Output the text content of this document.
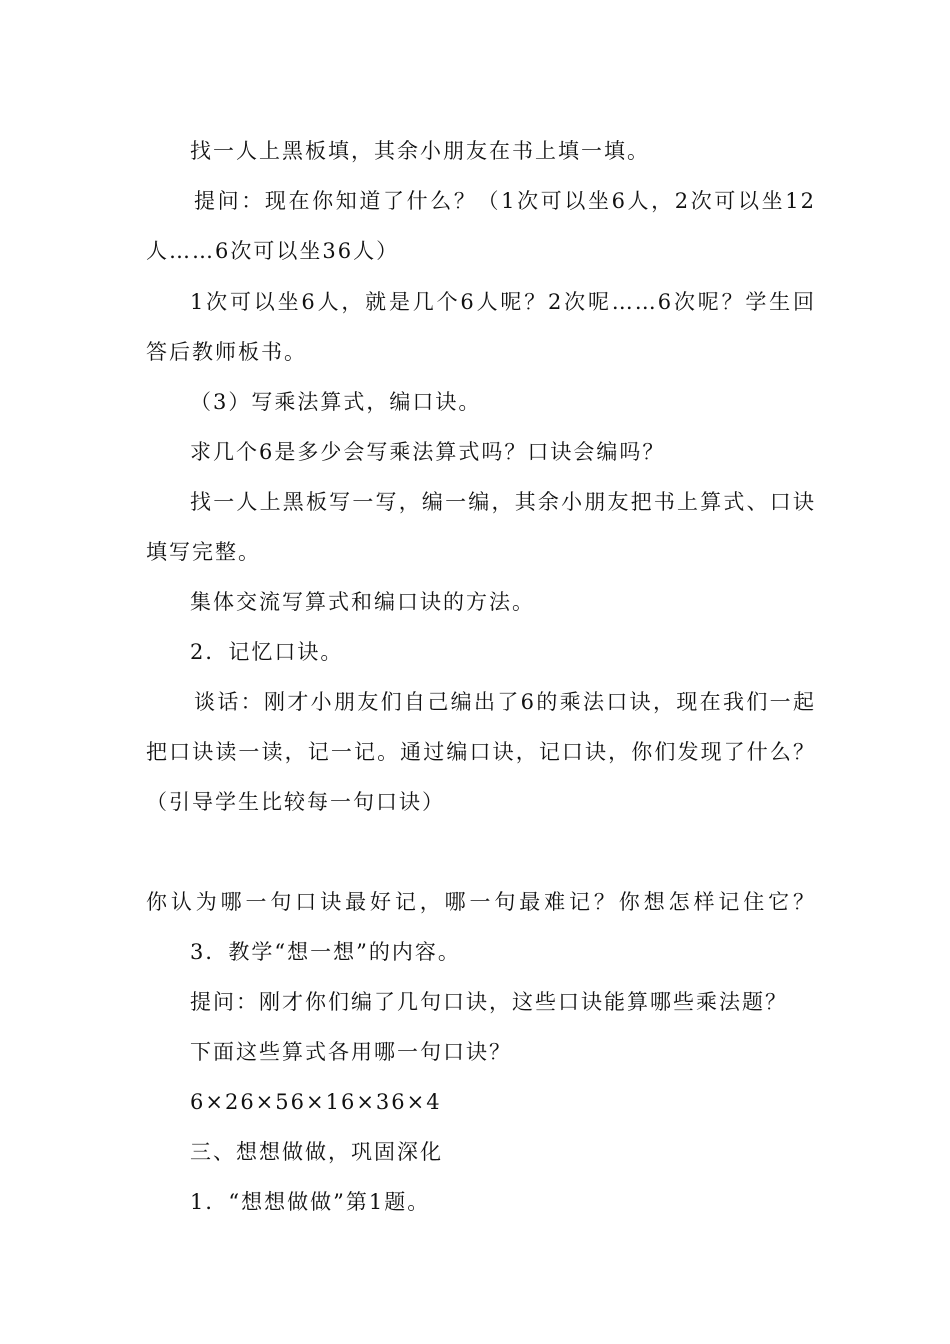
找一人上黑板填，其余小朋友在书上填一填。
提问：现在你知道了什么？（1次可以坐6人，2次可以坐12
人……6次可以坐36人）
1次可以坐6人，就是几个6人呢？2次呢……6次呢？学生回
答后教师板书。
（3）写乘法算式，编口诀。
求几个6是多少会写乘法算式吗？口诀会编吗？
找一人上黑板写一写，编一编，其余小朋友把书上算式、口诀
填写完整。
集体交流写算式和编口诀的方法。
2．记忆口诀。
谈话：刚才小朋友们自己编出了6的乘法口诀，现在我们一起
把口诀读一读，记一记。通过编口诀，记口诀，你们发现了什么？
（引导学生比较每一句口诀）
你认为哪一句口诀最好记，哪一句最难记？你想怎样记住它？
3．教学“想一想”的内容。
提问：刚才你们编了几句口诀，这些口诀能算哪些乘法题？
下面这些算式各用哪一句口诀？
6×26×56×16×36×4
三、想想做做，巩固深化
1．“想想做做”第1题。
